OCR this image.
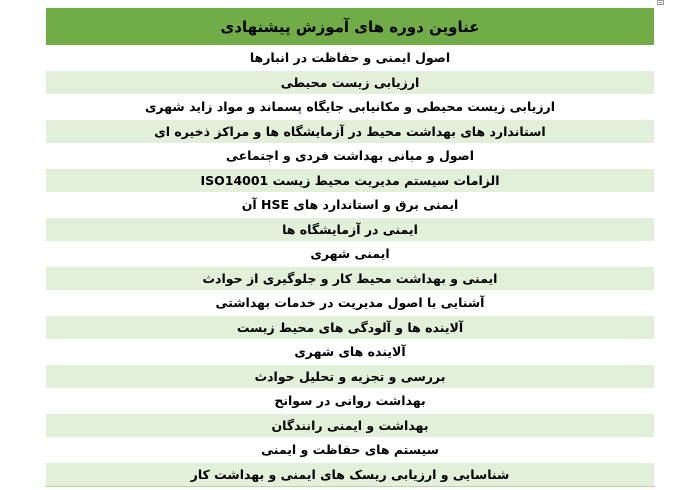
عناوین دوره های آموزش پیشنهادی
اصول ایمنی و حفاظت در انبارها
ارزیابی زیست محیطی
ارزیابی زیست محیطی و مکانیابی جایگاه پسماند و مواد زاید شهری
استاندارد های بهداشت محیط در آزمایشگاه ها و مراکز ذخیره ای
اصول و مبانی بهداشت فردی و اجتماعی
الزامات سیستم مدیریت محیط زیست ISO14001
ایمنی برق و استاندارد های HSE آن
ایمنی در آزمایشگاه ها
ایمنی شهری
ایمنی و بهداشت محیط کار و جلوگیری از حوادث
آشنایی با اصول مدیریت در خدمات بهداشتی
آلاینده ها و آلودگی های محیط زیست
آلاینده های شهری
بررسی و تجزیه و تحلیل حوادث
بهداشت روانی در سوانح
بهداشت و ایمنی رانندگان
سیستم های حفاظت و ایمنی
شناسایی و ارزیابی ریسک های ایمنی و بهداشت کار
